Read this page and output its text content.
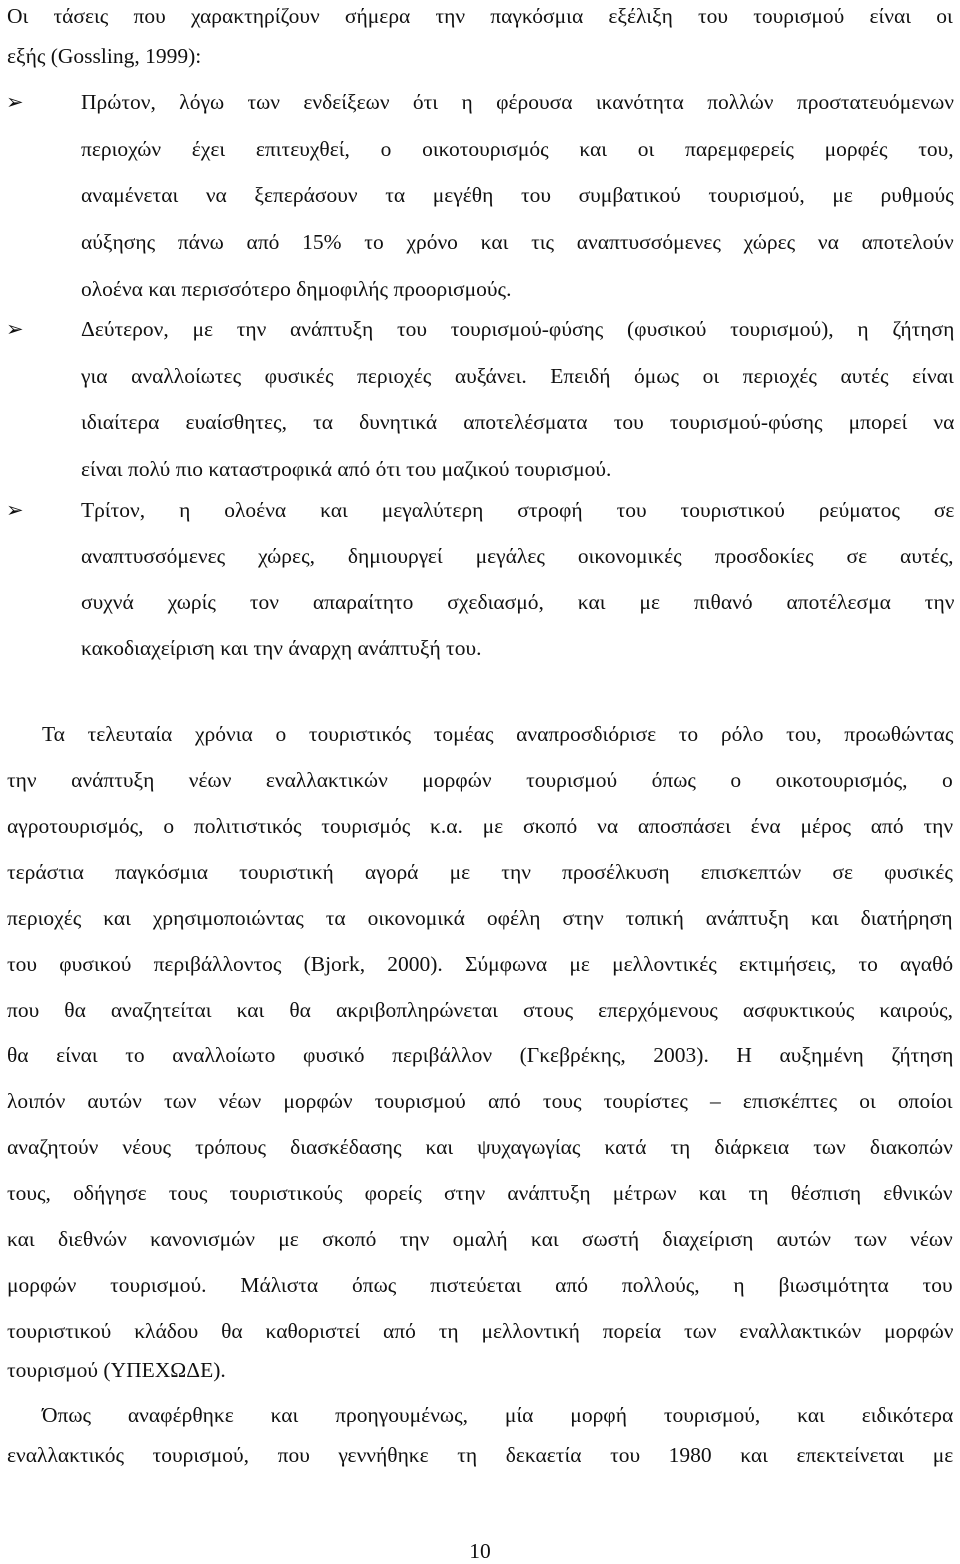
Οι τάσεις που χαρακτηρίζουν σήμερα την παγκόσμια εξέλιξη του τουρισμού είναι οι
εξής (Gossling, 1999):
➢	Πρώτον, λόγω των ενδείξεων ότι η φέρουσα ικανότητα πολλών προστατευόμενων
περιοχών έχει επιτευχθεί, ο οικοτουρισμός και οι παρεμφερείς μορφές του,
αναμένεται να ξεπεράσουν τα μεγέθη του συμβατικού τουρισμού, με ρυθμούς
αύξησης πάνω από 15% το χρόνο και τις αναπτυσσόμενες χώρες να αποτελούν
ολοένα και περισσότερο δημοφιλής προορισμούς.
➢	Δεύτερον, με την ανάπτυξη του τουρισμού-φύσης (φυσικού τουρισμού), η ζήτηση
για αναλλοίωτες φυσικές περιοχές αυξάνει. Επειδή όμως οι περιοχές αυτές είναι
ιδιαίτερα ευαίσθητες, τα δυνητικά αποτελέσματα του τουρισμού-φύσης μπορεί να
είναι πολύ πιο καταστροφικά από ότι του μαζικού τουρισμού.
➢	Τρίτον, η ολοένα και μεγαλύτερη στροφή του τουριστικού ρεύματος σε
αναπτυσσόμενες χώρες, δημιουργεί μεγάλες οικονομικές προσδοκίες σε αυτές,
συχνά χωρίς τον απαραίτητο σχεδιασμό, και με πιθανό αποτέλεσμα την
κακοδιαχείριση και την άναρχη ανάπτυξή του.
Τα τελευταία χρόνια ο τουριστικός τομέας αναπροσδιόρισε το ρόλο του, προωθώντας
την ανάπτυξη νέων εναλλακτικών μορφών τουρισμού όπως ο οικοτουρισμός, ο
αγροτουρισμός, ο πολιτιστικός τουρισμός κ.α. με σκοπό να αποσπάσει ένα μέρος από την
τεράστια παγκόσμια τουριστική αγορά με την προσέλκυση επισκεπτών σε φυσικές
περιοχές και χρησιμοποιώντας τα οικονομικά οφέλη στην τοπική ανάπτυξη και διατήρηση
του φυσικού περιβάλλοντος (Bjork, 2000). Σύμφωνα με μελλοντικές εκτιμήσεις, το αγαθό
που θα αναζητείται και θα ακριβοπληρώνεται στους επερχόμενους ασφυκτικούς καιρούς,
θα είναι το αναλλοίωτο φυσικό περιβάλλον (Γκεβρέκης, 2003). Η αυξημένη ζήτηση
λοιπόν αυτών των νέων μορφών τουρισμού από τους τουρίστες – επισκέπτες οι οποίοι
αναζητούν νέους τρόπους διασκέδασης και ψυχαγωγίας κατά τη διάρκεια των διακοπών
τους, οδήγησε τους τουριστικούς φορείς στην ανάπτυξη μέτρων και τη θέσπιση εθνικών
και διεθνών κανονισμών με σκοπό την ομαλή και σωστή διαχείριση αυτών των νέων
μορφών τουρισμού. Μάλιστα όπως πιστεύεται από πολλούς, η βιωσιμότητα του
τουριστικού κλάδου θα καθοριστεί από τη μελλοντική πορεία των εναλλακτικών μορφών
τουρισμού (ΥΠΕΧΩΔΕ).
Όπως αναφέρθηκε και προηγουμένως, μία μορφή τουρισμού, και ειδικότερα
εναλλακτικός τουρισμού, που γεννήθηκε τη δεκαετία του 1980 και επεκτείνεται με
10
